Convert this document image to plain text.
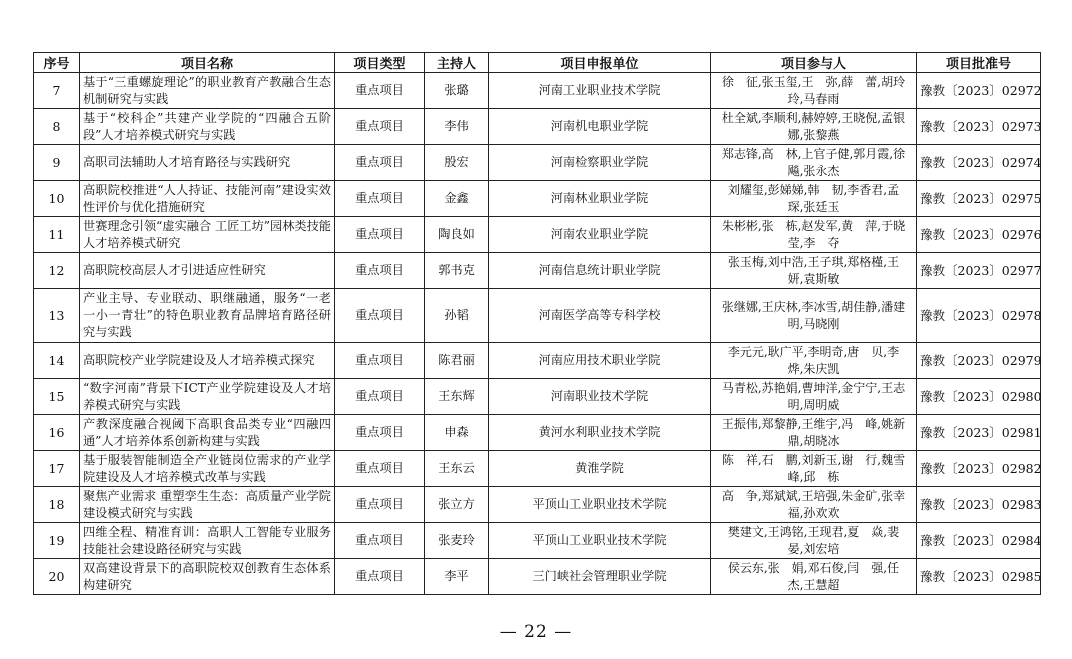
序号	项目名称	项目类型	主持人	项目申报单位	项目参与人	项目批准号
7	基于“三重螺旋理论”的职业教育产教融合生态机制研究与实践	重点项目	张璐	河南工业职业技术学院	徐　征,张玉玺,王　弥,薛　蕾,胡玲玲,马春雨	豫教〔2023〕02972
8	基于“校科企”共建产业学院的“四融合五阶段”人才培养模式研究与实践	重点项目	李伟	河南机电职业学院	杜全斌,李顺利,赫婷婷,王晓倪,孟银娜,张黎燕	豫教〔2023〕02973
9	高职司法辅助人才培育路径与实践研究	重点项目	殷宏	河南检察职业学院	郑志锋,高　林,上官子健,郭月霞,徐　飚,张永杰	豫教〔2023〕02974
10	高职院校推进“人人持证、技能河南”建设实效性评价与优化措施研究	重点项目	金鑫	河南林业职业学院	刘耀玺,彭娣娣,韩　韧,李香君,孟　琛,张廷玉	豫教〔2023〕02975
11	世赛理念引领“虚实融合 工匠工坊”园林类技能人才培养模式研究	重点项目	陶良如	河南农业职业学院	朱彬彬,张　栋,赵发军,黄　萍,于晓莹,李　夺	豫教〔2023〕02976
12	高职院校高层人才引进适应性研究	重点项目	郭书克	河南信息统计职业学院	张玉梅,刘中浩,王子琪,郑格槿,王　妍,袁斯敏	豫教〔2023〕02977
13	产业主导、专业联动、职继融通，服务“一老一小一青壮”的特色职业教育品牌培育路径研究与实践	重点项目	孙韬	河南医学高等专科学校	张继娜,王庆林,李冰雪,胡佳静,潘建明,马晓刚	豫教〔2023〕02978
14	高职院校产业学院建设及人才培养模式探究	重点项目	陈君丽	河南应用技术职业学院	李元元,耿广平,李明奇,唐　贝,李　烨,朱庆凯	豫教〔2023〕02979
15	“数字河南”背景下ICT产业学院建设及人才培养模式研究与实践	重点项目	王东辉	河南职业技术学院	马青松,苏艳娟,曹坤洋,金宁宁,王志明,周明威	豫教〔2023〕02980
16	产教深度融合视阈下高职食品类专业“四融四通”人才培养体系创新构建与实践	重点项目	申森	黄河水利职业技术学院	王振伟,郑黎静,王维宇,冯　峰,姚新鼎,胡晓冰	豫教〔2023〕02981
17	基于服装智能制造全产业链岗位需求的产业学院建设及人才培养模式改革与实践	重点项目	王东云	黄淮学院	陈　祥,石　鹏,刘新玉,谢　行,魏雪峰,邱　栋	豫教〔2023〕02982
18	聚焦产业需求 重塑孪生生态：高质量产业学院建设模式研究与实践	重点项目	张立方	平顶山工业职业技术学院	高　争,郑斌斌,王培强,朱金矿,张幸福,孙欢欢	豫教〔2023〕02983
19	四维全程、精准育训：高职人工智能专业服务技能社会建设路径研究与实践	重点项目	张麦玲	平顶山工业职业技术学院	樊建文,王鸿铭,王现君,夏　焱,裴　晏,刘宏培	豫教〔2023〕02984
20	双高建设背景下的高职院校双创教育生态体系构建研究	重点项目	李平	三门峡社会管理职业学院	侯云东,张　娟,邓石俊,闫　强,任　杰,王慧超	豫教〔2023〕02985
— 22 —
